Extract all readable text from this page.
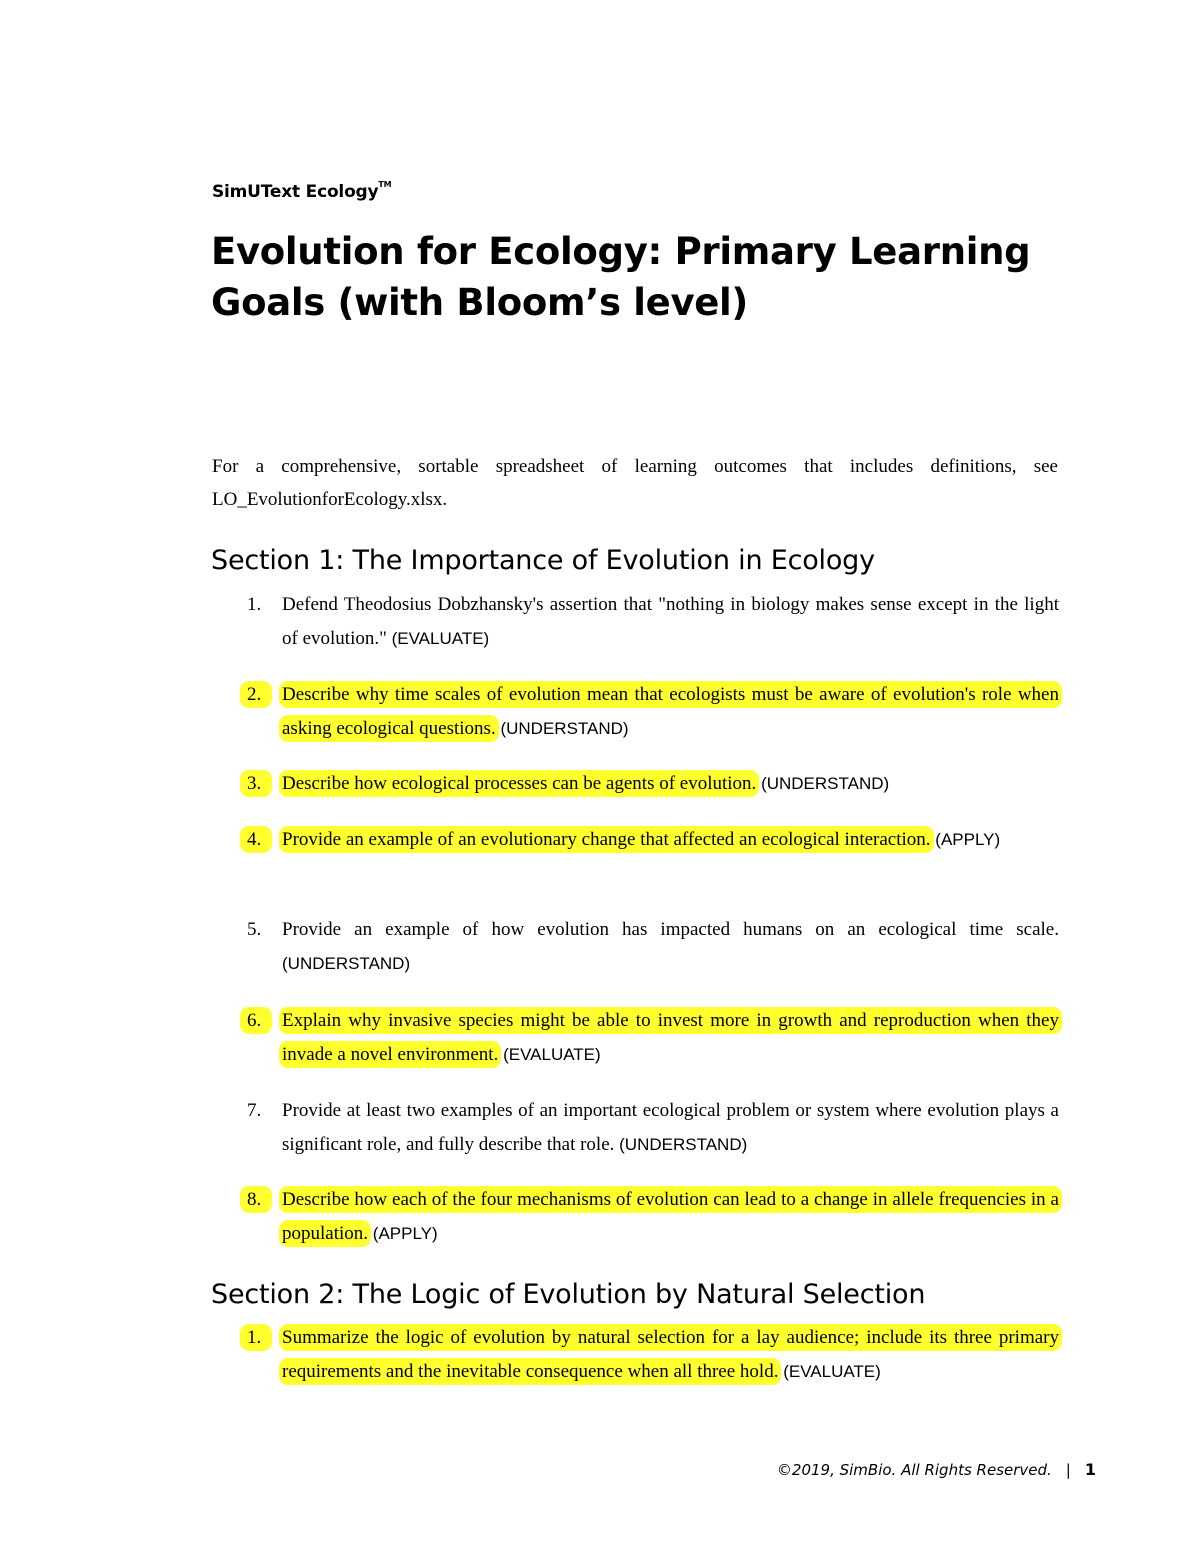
SimUText Ecology™
Evolution for Ecology: Primary Learning Goals (with Bloom’s level)

For a comprehensive, sortable spreadsheet of learning outcomes that includes definitions, see LO_EvolutionforEcology.xlsx.

Section 1: The Importance of Evolution in Ecology
1.	Defend Theodosius Dobzhansky's assertion that "nothing in biology makes sense except in the light of evolution." (EVALUATE)
2.	Describe why time scales of evolution mean that ecologists must be aware of evolution's role when asking ecological questions. (UNDERSTAND)
3.	Describe how ecological processes can be agents of evolution. (UNDERSTAND)
4.	Provide an example of an evolutionary change that affected an ecological interaction. (APPLY)
5.	Provide an example of how evolution has impacted humans on an ecological time scale. (UNDERSTAND)
6.	Explain why invasive species might be able to invest more in growth and reproduction when they invade a novel environment. (EVALUATE)
7.	Provide at least two examples of an important ecological problem or system where evolution plays a significant role, and fully describe that role. (UNDERSTAND)
8.	Describe how each of the four mechanisms of evolution can lead to a change in allele frequencies in a population. (APPLY)
Section 2: The Logic of Evolution by Natural Selection
1.	Summarize the logic of evolution by natural selection for a lay audience; include its three primary requirements and the inevitable consequence when all three hold. (EVALUATE)
©2019, SimBio. All Rights Reserved. | 1
